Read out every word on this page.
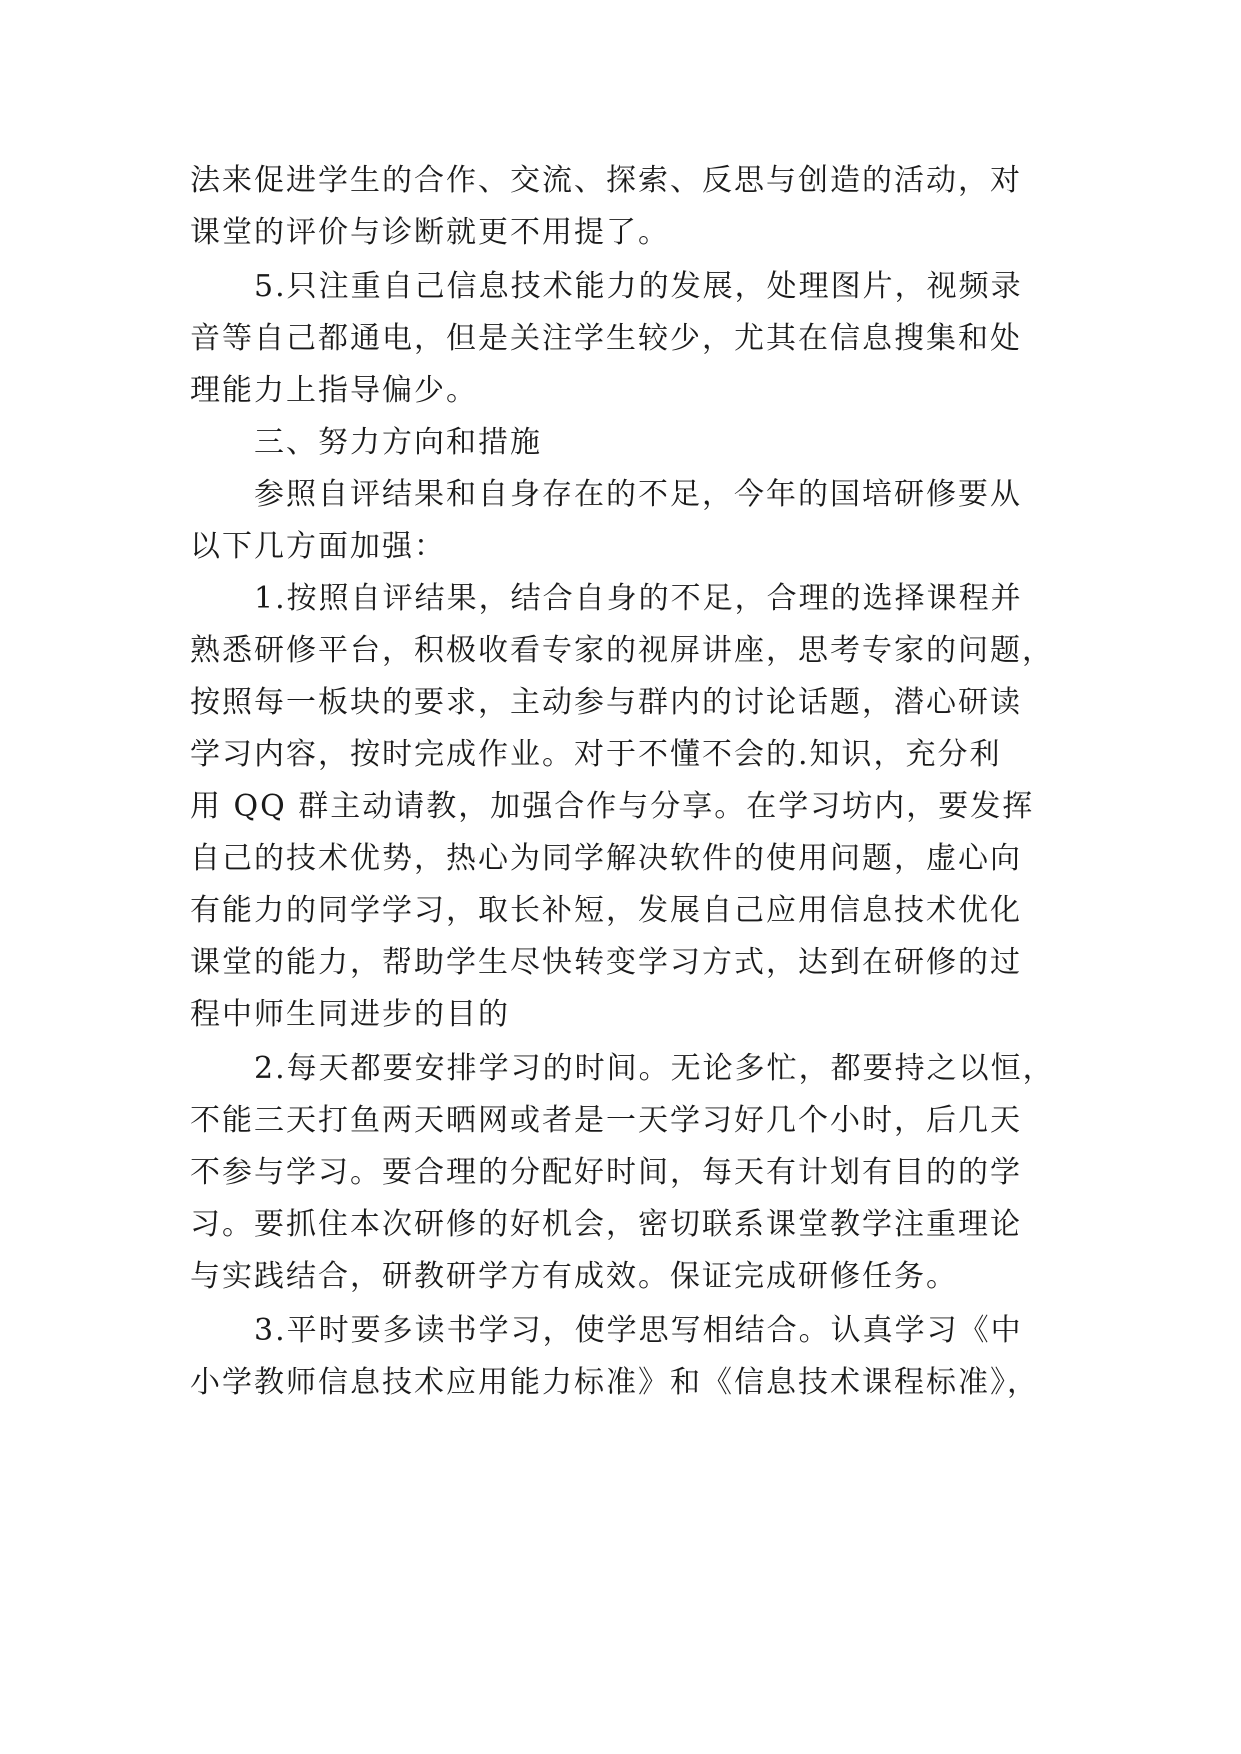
法来促进学生的合作、交流、探索、反思与创造的活动，对
课堂的评价与诊断就更不用提了。
5.只注重自己信息技术能力的发展，处理图片，视频录
音等自己都通电，但是关注学生较少，尤其在信息搜集和处
理能力上指导偏少。
三、努力方向和措施
参照自评结果和自身存在的不足，今年的国培研修要从
以下几方面加强：
1.按照自评结果，结合自身的不足，合理的选择课程并
熟悉研修平台，积极收看专家的视屏讲座，思考专家的问题，
按照每一板块的要求，主动参与群内的讨论话题，潜心研读
学习内容，按时完成作业。对于不懂不会的.知识，充分利
用 QQ 群主动请教，加强合作与分享。在学习坊内，要发挥
自己的技术优势，热心为同学解决软件的使用问题，虚心向
有能力的同学学习，取长补短，发展自己应用信息技术优化
课堂的能力，帮助学生尽快转变学习方式，达到在研修的过
程中师生同进步的目的
2.每天都要安排学习的时间。无论多忙，都要持之以恒，
不能三天打鱼两天晒网或者是一天学习好几个小时，后几天
不参与学习。要合理的分配好时间，每天有计划有目的的学
习。要抓住本次研修的好机会，密切联系课堂教学注重理论
与实践结合，研教研学方有成效。保证完成研修任务。
3.平时要多读书学习，使学思写相结合。认真学习《中
小学教师信息技术应用能力标准》和《信息技术课程标准》，
